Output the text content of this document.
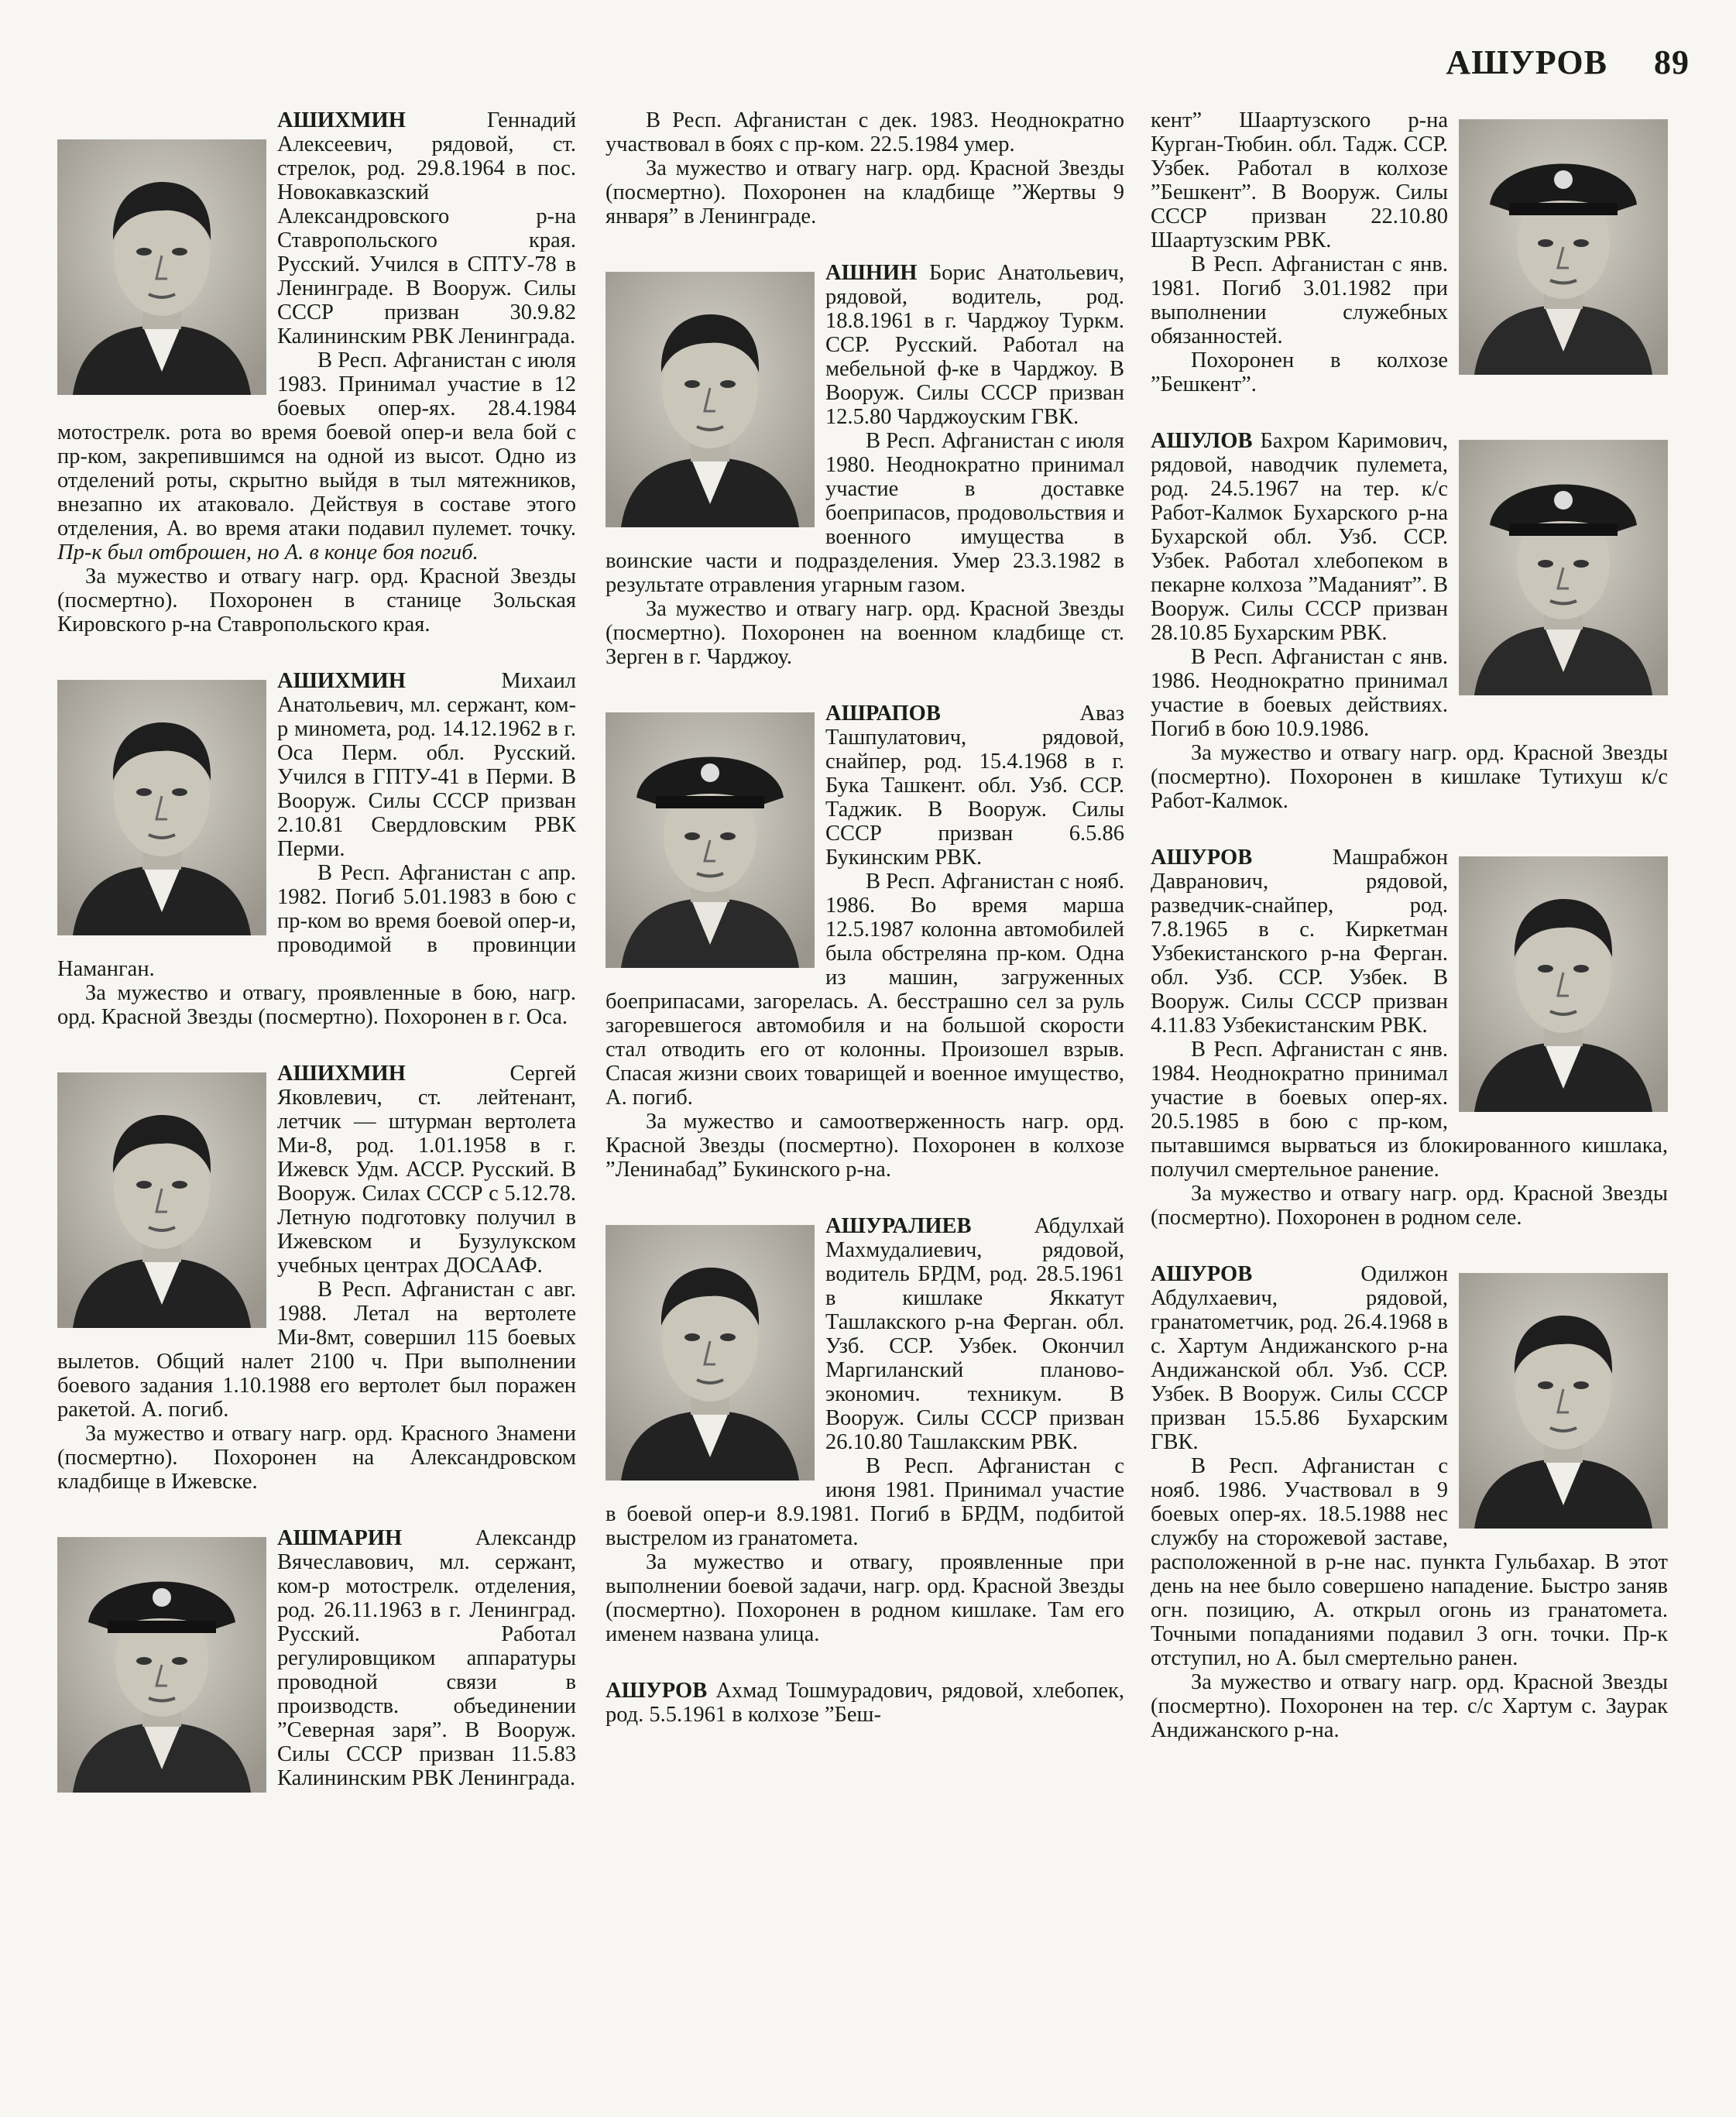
АШУРОВ 89

АШИХМИН	Геннадий Алексеевич, рядовой, ст. стрелок, род. 29.8.1964 в пос. Новокавказский Александровского р-на Ставропольского края. Русский. Учился в СПТУ-78 в Ленинграде. В Вооруж. Силы СССР призван 30.9.82 Калининским РВК Ленинграда.

В Респ. Афганистан с июля 1983. Принимал участие в 12 боевых опер-ях. 28.4.1984 мотострелк. рота во время боевой опер-и вела бой с пр-ком, закрепившимся на одной из высот. Одно из отделений роты, скрытно выйдя в тыл мятежников, внезапно их атаковало. Действуя в составе этого отделения, А. во время атаки подавил пулемет. точку. Пр-к был отброшен, но А. в конце боя погиб.

За мужество и отвагу нагр. орд. Красной Звезды (посмертно). Похоронен в станице Зольская Кировского р-на Ставропольского края.

АШИХМИН	Михаил Анатольевич, мл. сержант, ком-р миномета, род. 14.12.1962 в г. Оса Перм. обл. Русский. Учился в ГПТУ-41 в Перми. В Вооруж. Силы СССР призван 2.10.81 Свердловским РВК Перми.

В Респ. Афганистан с апр. 1982. Погиб 5.01.1983 в бою с пр-ком во время боевой опер-и, проводимой в провинции Наманган.

За мужество и отвагу, проявленные в бою, нагр. орд. Красной Звезды (посмертно). Похоронен в г. Оса.

АШИХМИН	Сергей Яковлевич, ст. лейтенант, летчик — штурман вертолета Ми-8, род. 1.01.1958 в г. Ижевск Удм. АССР. Русский. В Вооруж. Силах СССР с 5.12.78. Летную подготовку получил в Ижевском и Бузулукском учебных центрах ДОСААФ.

В Респ. Афганистан с авг. 1988. Летал на вертолете Ми-8мт, совершил 115 боевых вылетов. Общий налет 2100 ч. При выполнении боевого задания 1.10.1988 его вертолет был поражен ракетой. А. погиб.

За мужество и отвагу нагр. орд. Красного Знамени (посмертно). Похоронен на Александровском кладбище в Ижевске.

АШМАРИН	Александр Вячеславович, мл. сержант, ком-р мотострелк. отделения, род. 26.11.1963 в г. Ленинград. Русский. Работал регулировщиком аппаратуры проводной связи в производств. объединении ”Северная заря”. В Вооруж. Силы СССР призван 11.5.83 Калининским РВК Ленинграда.

В Респ. Афганистан с дек. 1983. Неоднократно участвовал в боях с пр-ком. 22.5.1984 умер.

За мужество и отвагу нагр. орд. Красной Звезды (посмертно). Похоронен на кладбище ”Жертвы 9 января” в Ленинграде.

АШНИН Борис Анатольевич, рядовой, водитель, род. 18.8.1961 в г. Чарджоу Туркм. ССР. Русский. Работал на мебельной ф-ке в Чарджоу. В Вооруж. Силы СССР призван 12.5.80 Чарджоуским ГВК.

В Респ. Афганистан с июля 1980. Неоднократно принимал участие в доставке боеприпасов, продовольствия и военного имущества в воинские части и подразделения. Умер 23.3.1982 в результате отравления угарным газом.

За мужество и отвагу нагр. орд. Красной Звезды (посмертно). Похоронен на военном кладбище ст. Зерген в г. Чарджоу.

АШРАПОВ	Аваз Ташпулатович, рядовой, снайпер, род. 15.4.1968 в г. Бука Ташкент. обл. Узб. ССР. Таджик. В Вооруж. Силы СССР призван 6.5.86 Букинским РВК.

В Респ. Афганистан с нояб. 1986. Во время марша 12.5.1987 колонна автомобилей была обстреляна пр-ком. Одна из машин, загруженных боеприпасами, загорелась. А. бесстрашно сел за руль загоревшегося автомобиля и на большой скорости стал отводить его от колонны. Произошел взрыв. Спасая жизни своих товарищей и военное имущество, А. погиб.

За мужество и самоотверженность нагр. орд. Красной Звезды (посмертно). Похоронен в колхозе ”Ленинабад” Букинского р-на.

АШУРАЛИЕВ	Абдулхай Махмудалиевич, рядовой, водитель БРДМ, род. 28.5.1961 в кишлаке Яккатут Ташлакского р-на Ферган. обл. Узб. ССР. Узбек. Окончил Маргиланский планово-экономич. техникум. В Вооруж. Силы СССР призван 26.10.80 Ташлакским РВК.

В Респ. Афганистан с июня 1981. Принимал участие в боевой опер-и 8.9.1981. Погиб в БРДМ, подбитой выстрелом из гранатомета.

За мужество и отвагу, проявленные при выполнении боевой задачи, нагр. орд. Красной Звезды (посмертно). Похоронен в родном кишлаке. Там его именем названа улица.

АШУРОВ Ахмад Тошмурадович, рядовой, хлебопек, род. 5.5.1961 в колхозе ”Беш-

кент” Шаартузского р-на Курган-Тюбин. обл. Тадж. ССР. Узбек. Работал в колхозе ”Бешкент”. В Вооруж. Силы СССР призван 22.10.80 Шаартузским РВК.

В Респ. Афганистан с янв. 1981. Погиб 3.01.1982 при выполнении служебных обязанностей.

Похоронен в колхозе ”Бешкент”.

АШУЛОВ Бахром Каримович, рядовой, наводчик пулемета, род. 24.5.1967 на тер. к/с Работ-Калмок Бухарского р-на Бухарской обл. Узб. ССР. Узбек. Работал хлебопеком в пекарне колхоза ”Маданият”. В Вооруж. Силы СССР призван 28.10.85 Бухарским РВК.

В Респ. Афганистан с янв. 1986. Неоднократно принимал участие в боевых действиях. Погиб в бою 10.9.1986.

За мужество и отвагу нагр. орд. Красной Звезды (посмертно). Похоронен в кишлаке Тутихуш к/с Работ-Калмок.

АШУРОВ	Машрабжон Давранович, рядовой, разведчик-снайпер, род. 7.8.1965 в с. Киркетман Узбекистанского р-на Ферган. обл. Узб. ССР. Узбек. В Вооруж. Силы СССР призван 4.11.83 Узбекистанским РВК.

В Респ. Афганистан с янв. 1984. Неоднократно принимал участие в боевых опер-ях. 20.5.1985 в бою с пр-ком, пытавшимся вырваться из блокированного кишлака, получил смертельное ранение.

За мужество и отвагу нагр. орд. Красной Звезды (посмертно). Похоронен в родном селе.

АШУРОВ	Одилжон Абдулхаевич, рядовой, гранатометчик, род. 26.4.1968 в с. Хартум Андижанского р-на Андижанской обл. Узб. ССР. Узбек. В Вооруж. Силы СССР призван 15.5.86 Бухарским ГВК.

В Респ. Афганистан с нояб. 1986. Участвовал в 9 боевых опер-ях. 18.5.1988 нес службу на сторожевой заставе, расположенной в р-не нас. пункта Гульбахар. В этот день на нее было совершено нападение. Быстро заняв огн. позицию, А. открыл огонь из гранатомета. Точными попаданиями подавил 3 огн. точки. Пр-к отступил, но А. был смертельно ранен.

За мужество и отвагу нагр. орд. Красной Звезды (посмертно). Похоронен на тер. с/с Хартум с. Заурак Андижанского р-на.
